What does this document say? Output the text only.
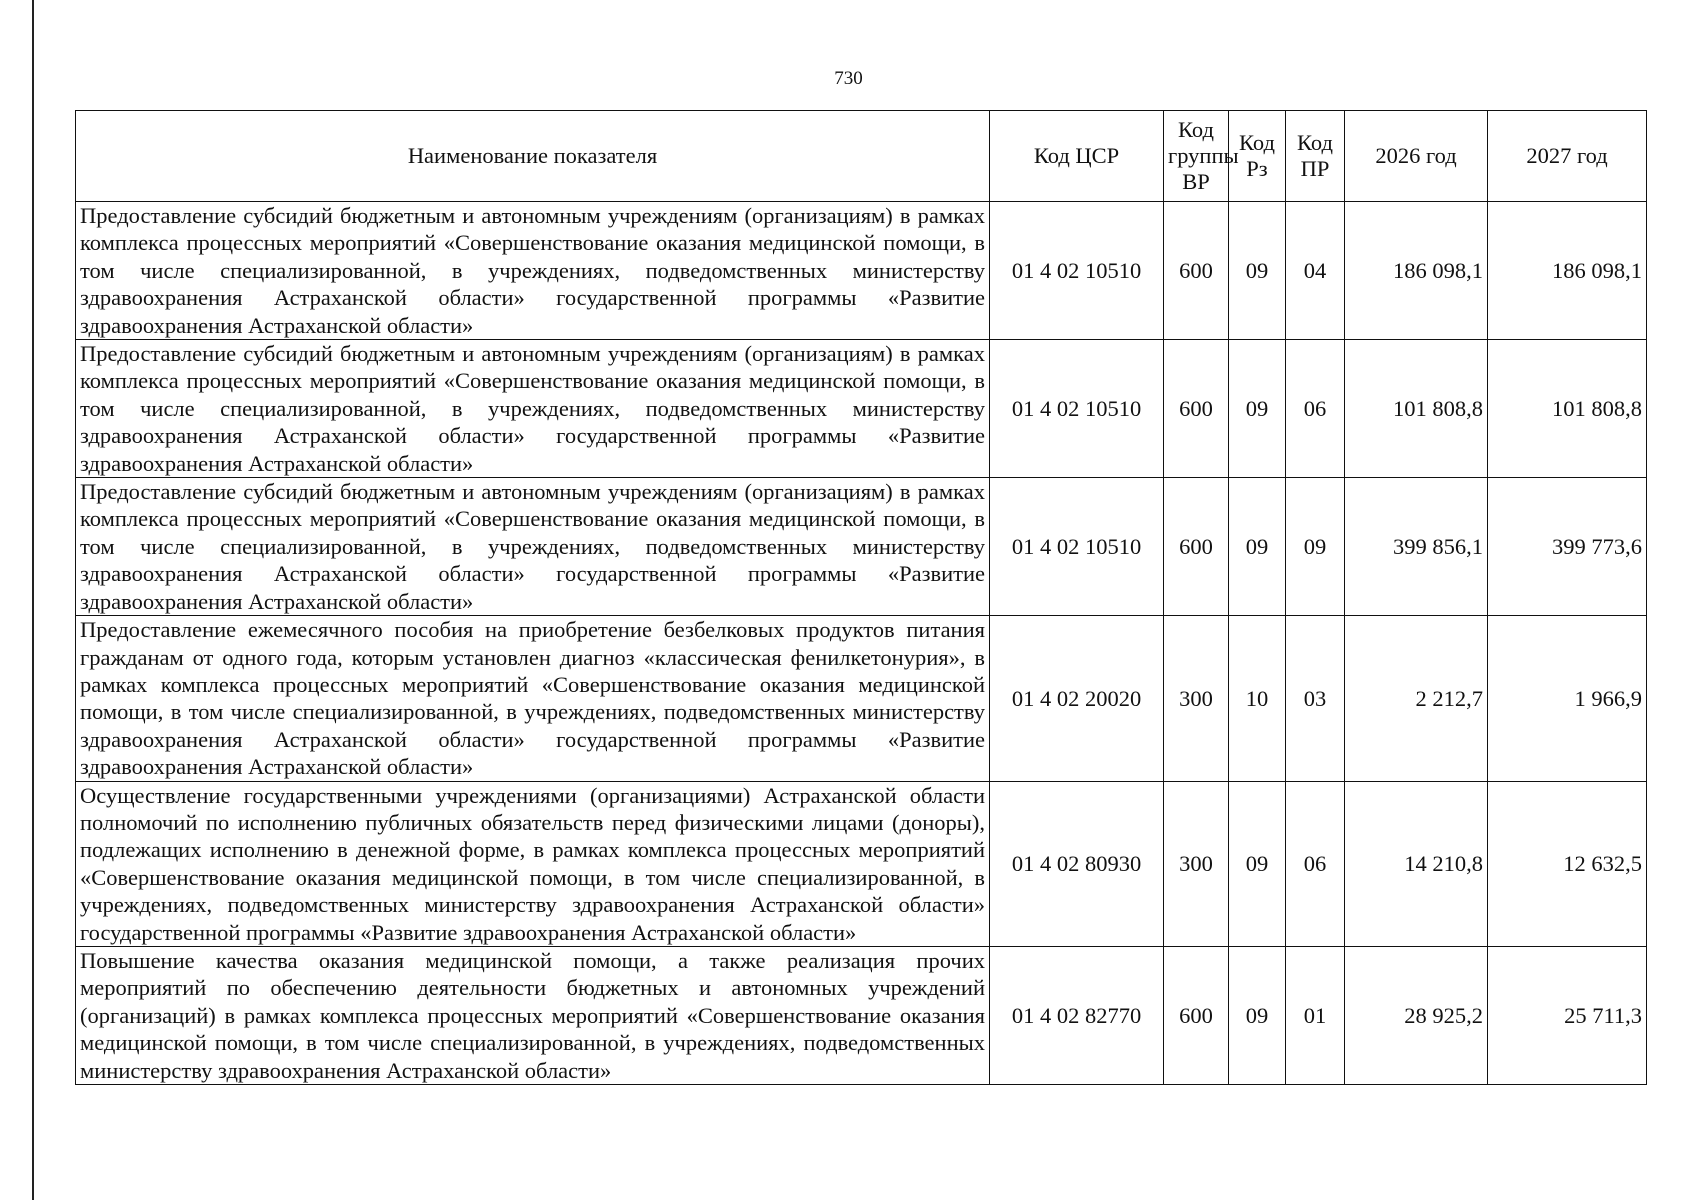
730
Наименование показателя	Код ЦСР	Код группы ВР	Код Рз	Код ПР	2026 год	2027 год
Предоставление субсидий бюджетным и автономным учреждениям (организациям) в рамках комплекса процессных мероприятий «Совершенствование оказания медицинской помощи, в том числе специализированной, в учреждениях, подведомственных министерству здравоохранения Астраханской области» государственной программы «Развитие здравоохранения Астраханской области»	01 4 02 10510	600	09	04	186 098,1	186 098,1
Предоставление субсидий бюджетным и автономным учреждениям (организациям) в рамках комплекса процессных мероприятий «Совершенствование оказания медицинской помощи, в том числе специализированной, в учреждениях, подведомственных министерству здравоохранения Астраханской области» государственной программы «Развитие здравоохранения Астраханской области»	01 4 02 10510	600	09	06	101 808,8	101 808,8
Предоставление субсидий бюджетным и автономным учреждениям (организациям) в рамках комплекса процессных мероприятий «Совершенствование оказания медицинской помощи, в том числе специализированной, в учреждениях, подведомственных министерству здравоохранения Астраханской области» государственной программы «Развитие здравоохранения Астраханской области»	01 4 02 10510	600	09	09	399 856,1	399 773,6
Предоставление ежемесячного пособия на приобретение безбелковых продуктов питания гражданам от одного года, которым установлен диагноз «классическая фенилкетонурия», в рамках комплекса процессных мероприятий «Совершенствование оказания медицинской помощи, в том числе специализированной, в учреждениях, подведомственных министерству здравоохранения Астраханской области» государственной программы «Развитие здравоохранения Астраханской области»	01 4 02 20020	300	10	03	2 212,7	1 966,9
Осуществление государственными учреждениями (организациями) Астраханской области полномочий по исполнению публичных обязательств перед физическими лицами (доноры), подлежащих исполнению в денежной форме, в рамках комплекса процессных мероприятий «Совершенствование оказания медицинской помощи, в том числе специализированной, в учреждениях, подведомственных министерству здравоохранения Астраханской области» государственной программы «Развитие здравоохранения Астраханской области»	01 4 02 80930	300	09	06	14 210,8	12 632,5
Повышение качества оказания медицинской помощи, а также реализация прочих мероприятий по обеспечению деятельности бюджетных и автономных учреждений (организаций) в рамках комплекса процессных мероприятий «Совершенствование оказания медицинской помощи, в том числе специализированной, в учреждениях, подведомственных министерству здравоохранения Астраханской области»	01 4 02 82770	600	09	01	28 925,2	25 711,3
